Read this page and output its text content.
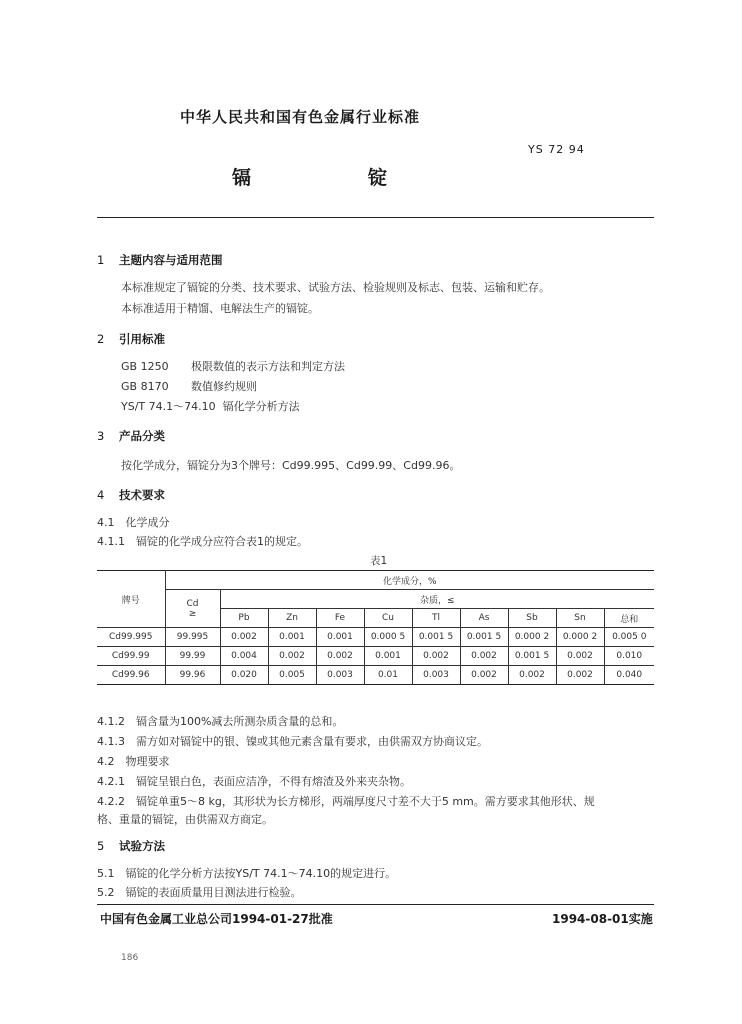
中华人民共和国有色金属行业标准
YS 72 94
镉	锭
1 主题内容与适用范围
本标准规定了镉锭的分类、技术要求、试验方法、检验规则及标志、包装、运输和贮存。
本标准适用于精馏、电解法生产的镉锭。
2 引用标准
GB 1250 极限数值的表示方法和判定方法
GB 8170 数值修约规则
YS/T 74.1～74.10 镉化学分析方法
3 产品分类
按化学成分，镉锭分为3个牌号：Cd99.995、Cd99.99、Cd99.96。
4 技术要求
4.1　化学成分
4.1.1　镉锭的化学成分应符合表1的规定。
表1
牌号	化学成分，%									

	Cd
≥	杂质，≤								
		Pb	Zn	Fe	Cu	Tl	As	Sb	Sn	总和
Cd99.995	99.995	0.002	0.001	0.001	0.000 5	0.001 5	0.001 5	0.000 2	0.000 2	0.005 0
Cd99.99	99.99	0.004	0.002	0.002	0.001	0.002	0.002	0.001 5	0.002	0.010
Cd99.96	99.96	0.020	0.005	0.003	0.01	0.003	0.002	0.002	0.002	0.040
4.1.2　镉含量为100%减去所测杂质含量的总和。
4.1.3　需方如对镉锭中的银、镍或其他元素含量有要求，由供需双方协商议定。
4.2　物理要求
4.2.1　镉锭呈银白色，表面应洁净，不得有熔渣及外来夹杂物。
4.2.2　镉锭单重5～8 kg，其形状为长方梯形，两端厚度尺寸差不大于5 mm。需方要求其他形状、规
格、重量的镉锭，由供需双方商定。
5 试验方法
5.1　镉锭的化学分析方法按YS/T 74.1～74.10的规定进行。
5.2　镉锭的表面质量用目测法进行检验。
中国有色金属工业总公司1994-01-27批准	1994-08-01实施
186
